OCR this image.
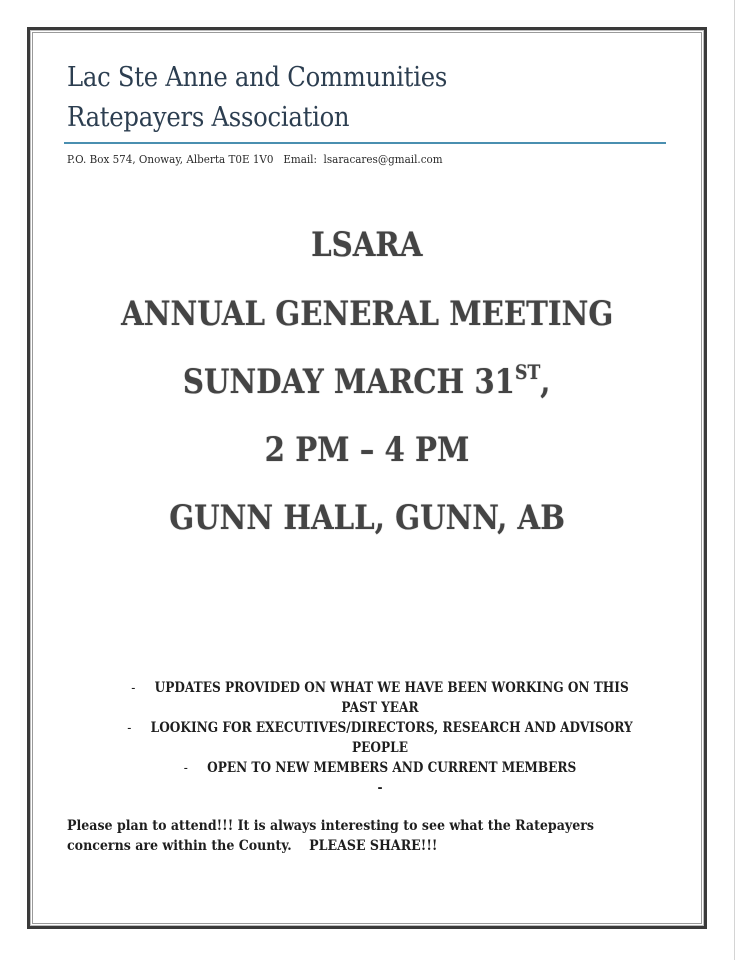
Lac Ste Anne and Communities
Ratepayers Association
P.O. Box 574, Onoway, Alberta T0E 1V0   Email:  lsaracares@gmail.com
LSARA
ANNUAL GENERAL MEETING
SUNDAY MARCH 31ST,
2 PM – 4 PM
GUNN HALL, GUNN, AB
- UPDATES PROVIDED ON WHAT WE HAVE BEEN WORKING ON THIS
PAST YEAR
- LOOKING FOR EXECUTIVES/DIRECTORS, RESEARCH AND ADVISORY
PEOPLE
- OPEN TO NEW MEMBERS AND CURRENT MEMBERS
-
Please plan to attend!!! It is always interesting to see what the Ratepayers
concerns are within the County.    PLEASE SHARE!!!
